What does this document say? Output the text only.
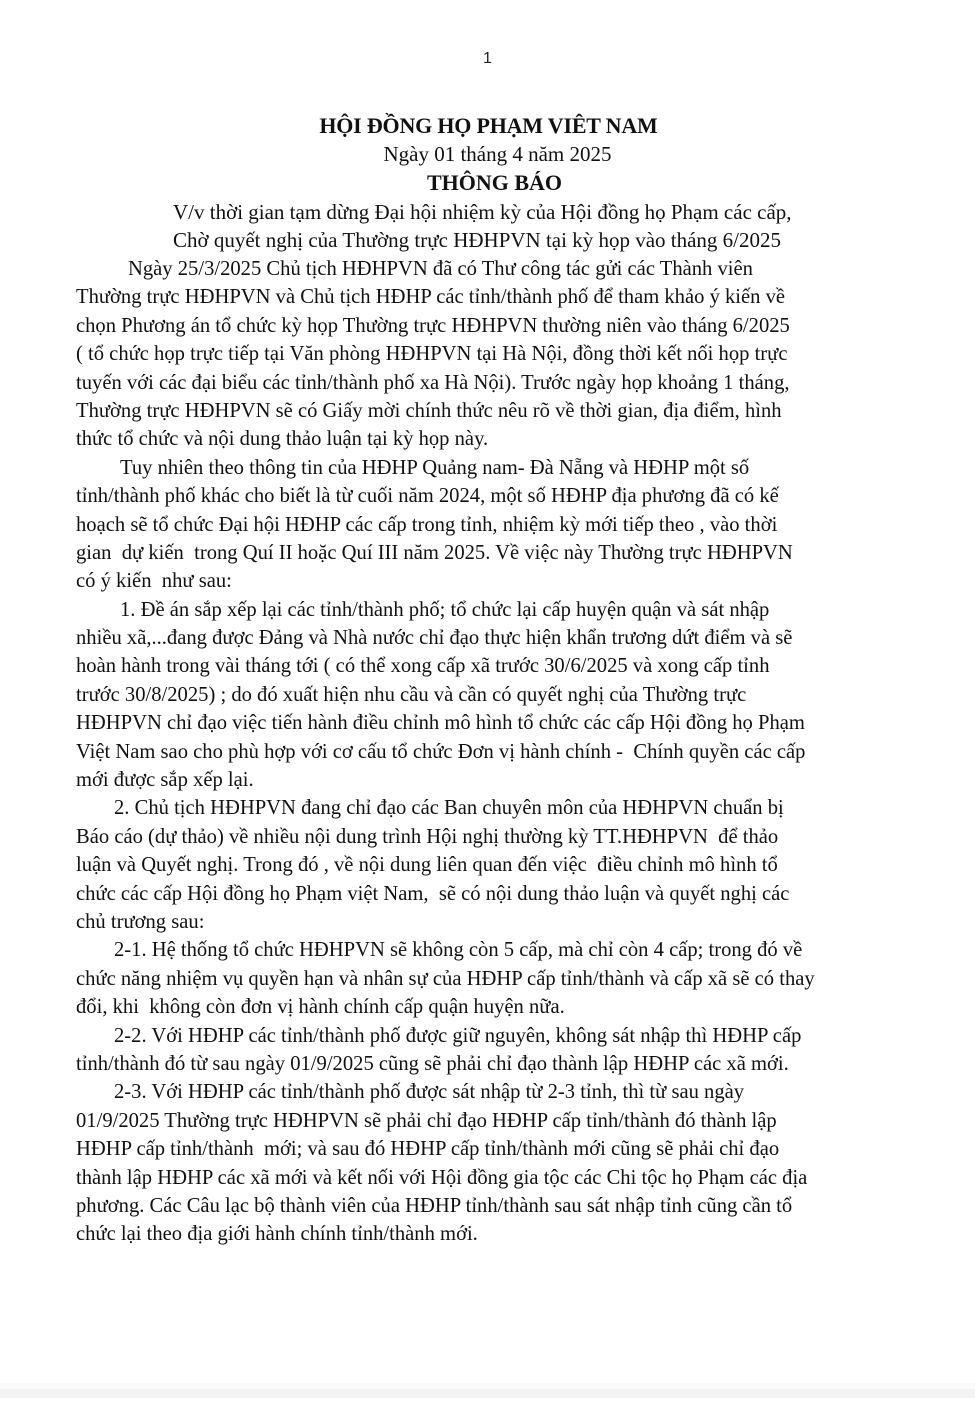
1
HỘI ĐỒNG HỌ PHẠM VIÊT NAM
Ngày 01 tháng 4 năm 2025
THÔNG BÁO
V/v thời gian tạm dừng Đại hội nhiệm kỳ của Hội đồng họ Phạm các cấp,
Chờ quyết nghị của Thường trực HĐHPVN tại kỳ họp vào tháng 6/2025
Ngày 25/3/2025 Chủ tịch HĐHPVN đã có Thư công tác gửi các Thành viên
Thường trực HĐHPVN và Chủ tịch HĐHP các tỉnh/thành phố để tham khảo ý kiến về
chọn Phương án tổ chức kỳ họp Thường trực HĐHPVN thường niên vào tháng 6/2025
( tổ chức họp trực tiếp tại Văn phòng HĐHPVN tại Hà Nội, đồng thời kết nối họp trực
tuyến với các đại biểu các tỉnh/thành phố xa Hà Nội). Trước ngày họp khoảng 1 tháng,
Thường trực HĐHPVN sẽ có Giấy mời chính thức nêu rõ về thời gian, địa điểm, hình
thức tổ chức và nội dung thảo luận tại kỳ họp này.
Tuy nhiên theo thông tin của HĐHP Quảng nam- Đà Nẵng và HĐHP một số
tỉnh/thành phố khác cho biết là từ cuối năm 2024, một số HĐHP địa phương đã có kế
hoạch sẽ tổ chức Đại hội HĐHP các cấp trong tỉnh, nhiệm kỳ mới tiếp theo , vào thời
gian  dự kiến  trong Quí II hoặc Quí III năm 2025. Về việc này Thường trực HĐHPVN
có ý kiến  như sau:
1. Đề án sắp xếp lại các tỉnh/thành phố; tổ chức lại cấp huyện quận và sát nhập
nhiều xã,...đang được Đảng và Nhà nước chỉ đạo thực hiện khẩn trương dứt điểm và sẽ
hoàn hành trong vài tháng tới ( có thể xong cấp xã trước 30/6/2025 và xong cấp tỉnh
trước 30/8/2025) ; do đó xuất hiện nhu cầu và cần có quyết nghị của Thường trực
HĐHPVN chỉ đạo việc tiến hành điều chỉnh mô hình tổ chức các cấp Hội đồng họ Phạm
Việt Nam sao cho phù hợp với cơ cấu tổ chức Đơn vị hành chính -  Chính quyền các cấp
mới được sắp xếp lại.
2. Chủ tịch HĐHPVN đang chỉ đạo các Ban chuyên môn của HĐHPVN chuẩn bị
Báo cáo (dự thảo) về nhiều nội dung trình Hội nghị thường kỳ TT.HĐHPVN  để thảo
luận và Quyết nghị. Trong đó , về nội dung liên quan đến việc  điều chỉnh mô hình tổ
chức các cấp Hội đồng họ Phạm việt Nam,  sẽ có nội dung thảo luận và quyết nghị các
chủ trương sau:
2-1. Hệ thống tổ chức HĐHPVN sẽ không còn 5 cấp, mà chỉ còn 4 cấp; trong đó về
chức năng nhiệm vụ quyền hạn và nhân sự của HĐHP cấp tỉnh/thành và cấp xã sẽ có thay
đổi, khi  không còn đơn vị hành chính cấp quận huyện nữa.
2-2. Với HĐHP các tỉnh/thành phố được giữ nguyên, không sát nhập thì HĐHP cấp
tỉnh/thành đó từ sau ngày 01/9/2025 cũng sẽ phải chỉ đạo thành lập HĐHP các xã mới.
2-3. Với HĐHP các tỉnh/thành phố được sát nhập từ 2-3 tỉnh, thì từ sau ngày
01/9/2025 Thường trực HĐHPVN sẽ phải chỉ đạo HĐHP cấp tỉnh/thành đó thành lập
HĐHP cấp tỉnh/thành  mới; và sau đó HĐHP cấp tỉnh/thành mới cũng sẽ phải chỉ đạo
thành lập HĐHP các xã mới và kết nối với Hội đồng gia tộc các Chi tộc họ Phạm các địa
phương. Các Câu lạc bộ thành viên của HĐHP tỉnh/thành sau sát nhập tỉnh cũng cần tổ
chức lại theo địa giới hành chính tỉnh/thành mới.
